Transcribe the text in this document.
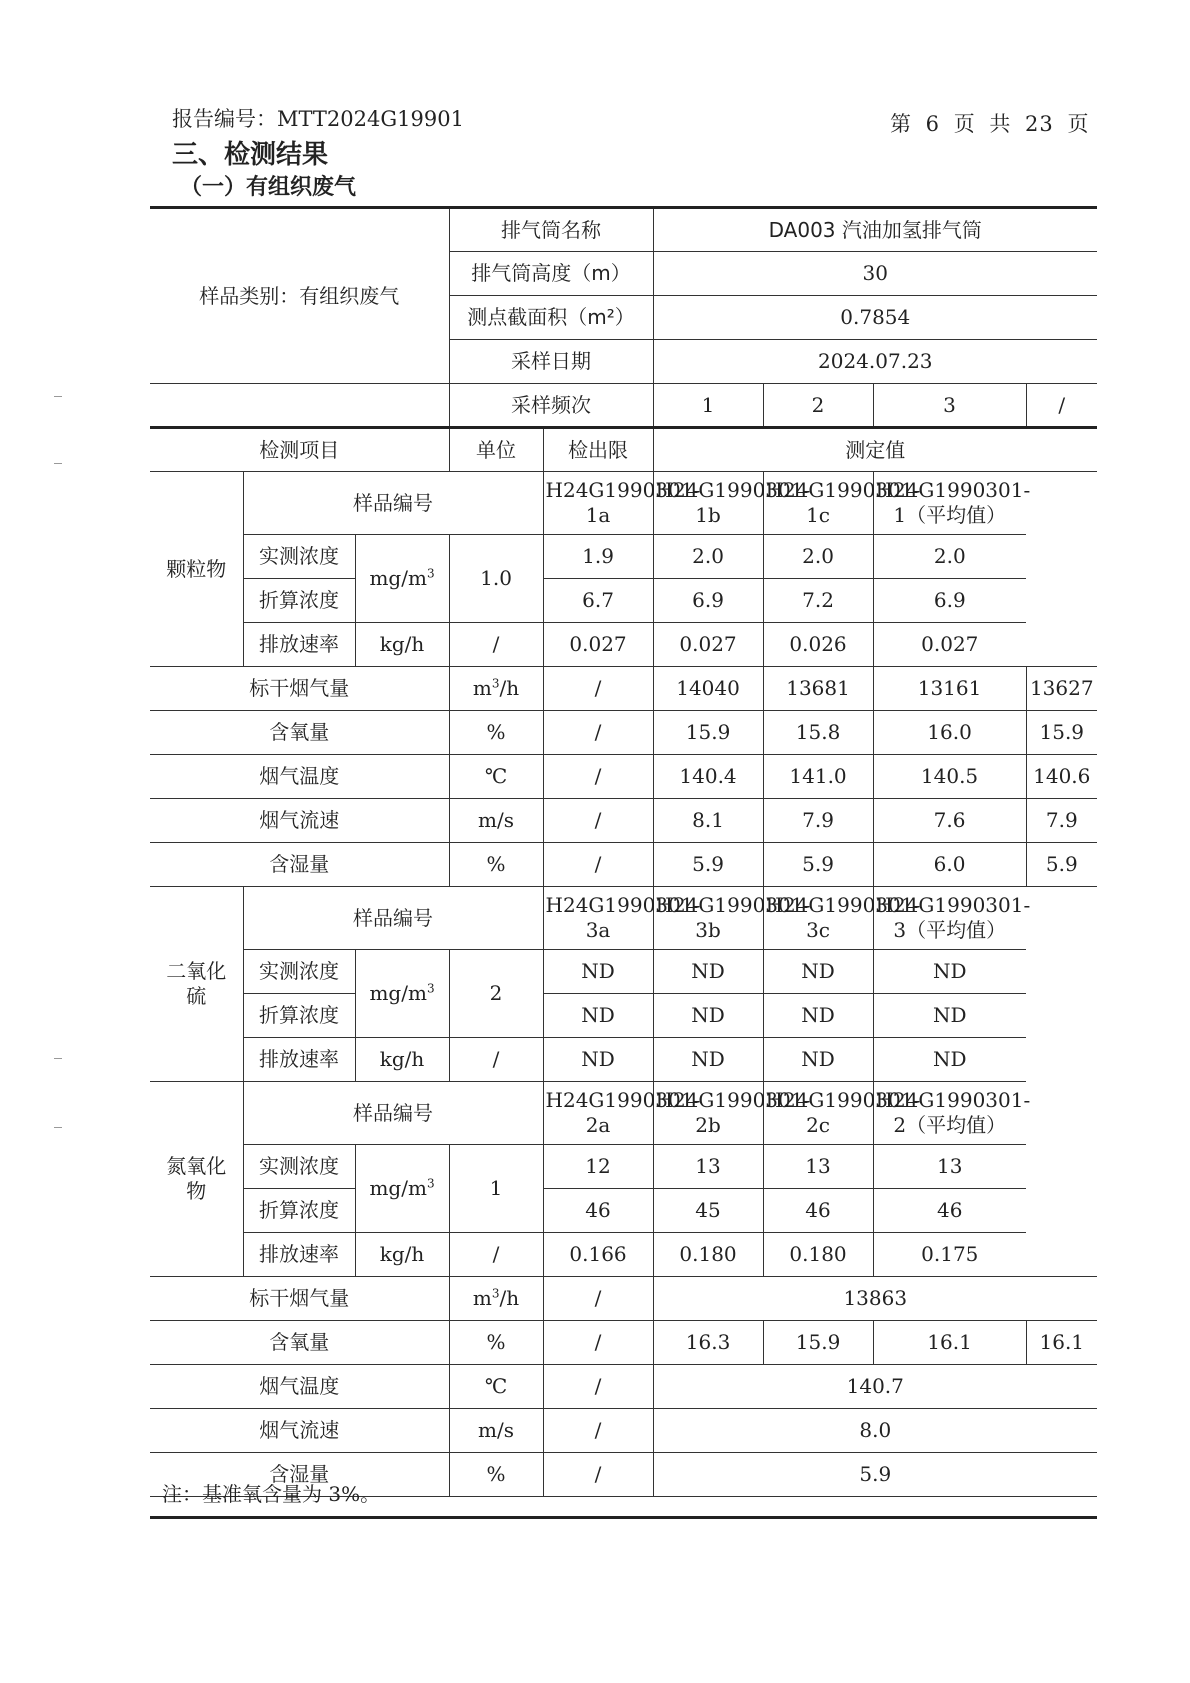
报告编号：MTT2024G19901	第 6 页 共 23 页
三、检测结果
（一）有组织废气
样品类别：有组织废气			排气筒名称		DA003 汽油加氢排气筒			
			排气筒高度（m）		30			
			测点截面积（m²）		0.7854			
			采样日期		2024.07.23			
			采样频次		1	2	3	/
检测项目			单位	检出限	测定值			
颗粒物	样品编号			H24G1990301-1a	H24G1990301-1b	H24G1990301-1c	H24G1990301-1（平均值）	
	实测浓度	$mg/m^3$	1.0	1.9	2.0	2.0	2.0	
	折算浓度			6.7	6.9	7.2	6.9	
	排放速率	kg/h	/	0.027	0.027	0.026	0.027	
标干烟气量			$m^3/h$	/	14040	13681	13161	13627
含氧量			%	/	15.9	15.8	16.0	15.9
烟气温度			℃	/	140.4	141.0	140.5	140.6
烟气流速			m/s	/	8.1	7.9	7.6	7.9
含湿量			%	/	5.9	5.9	6.0	5.9
二氧化硫	样品编号			H24G1990301-3a	H24G1990301-3b	H24G1990301-3c	H24G1990301-3（平均值）	
	实测浓度	$mg/m^3$	2	ND	ND	ND	ND	
	折算浓度			ND	ND	ND	ND	
	排放速率	kg/h	/	ND	ND	ND	ND	
氮氧化物	样品编号			H24G1990301-2a	H24G1990301-2b	H24G1990301-2c	H24G1990301-2（平均值）	
	实测浓度	$mg/m^3$	1	12	13	13	13	
	折算浓度			46	45	46	46	
	排放速率	kg/h	/	0.166	0.180	0.180	0.175	
标干烟气量			$m^3/h$	/	13863			
含氧量			%	/	16.3	15.9	16.1	16.1
烟气温度			℃	/	140.7			
烟气流速			m/s	/	8.0			
含湿量			%	/	5.9			
注：基准氧含量为 3%。
